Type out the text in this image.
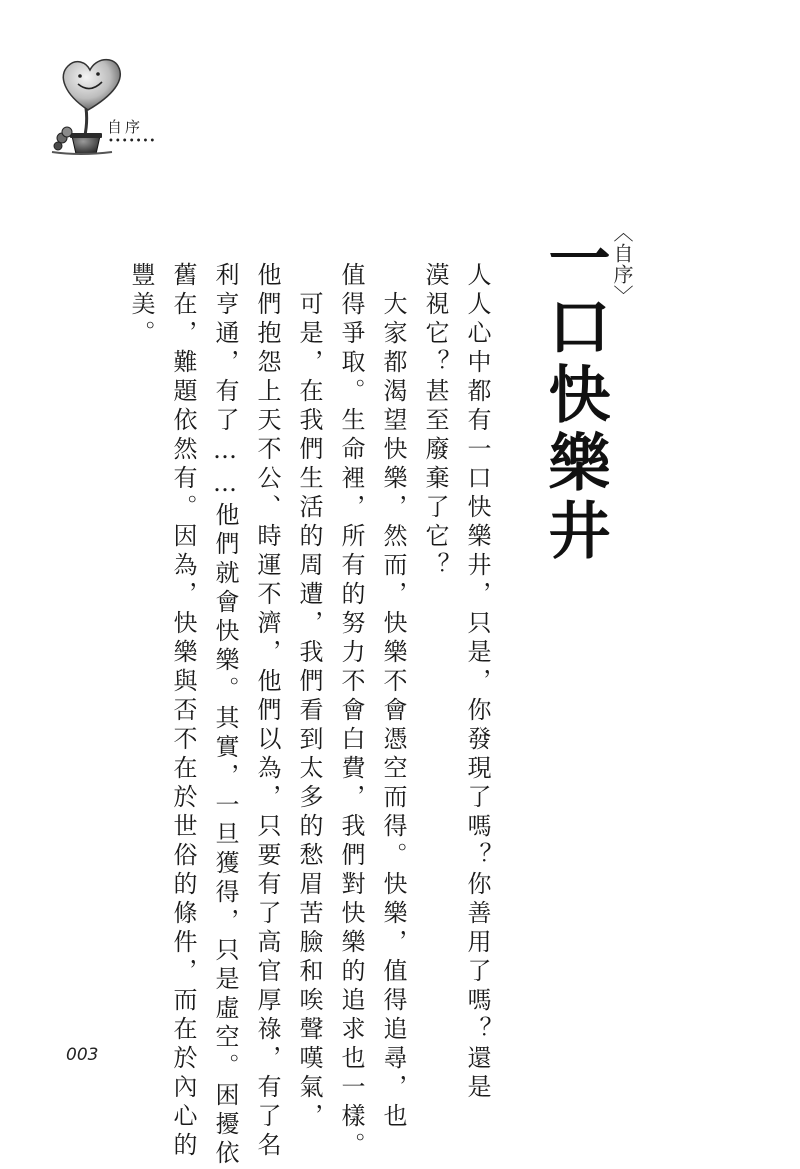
自序
•••••••
〈自序〉
一口快樂井
人人心中都有一口快樂井，只是，你發現了嗎？你善用了嗎？還是
漠視它？甚至廢棄了它？
　大家都渴望快樂，然而，快樂不會憑空而得。快樂，值得追尋，也
值得爭取。生命裡，所有的努力不會白費，我們對快樂的追求也一樣。
　可是，在我們生活的周遭，我們看到太多的愁眉苦臉和唉聲嘆氣，
他們抱怨上天不公、時運不濟，他們以為，只要有了高官厚祿，有了名
利亨通，有了……他們就會快樂。其實，一旦獲得，只是虛空。困擾依
舊在，難題依然有。因為，快樂與否不在於世俗的條件，而在於內心的
豐美。
003
